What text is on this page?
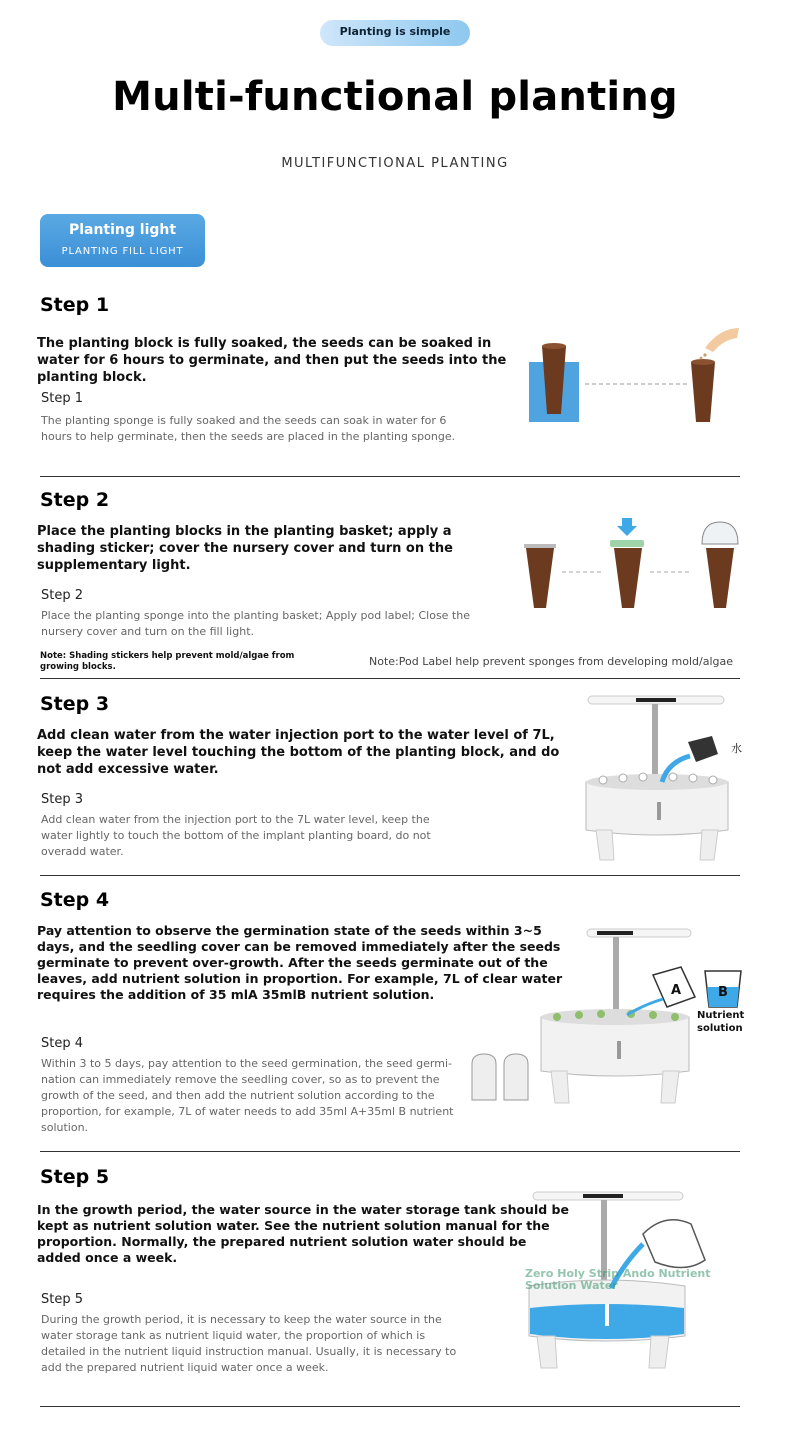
Planting is simple
Multi-functional planting
MULTIFUNCTIONAL PLANTING
Planting light
PLANTING FILL LIGHT
Step 1
The planting block is fully soaked, the seeds can be soaked in water for 6 hours to germinate, and then put the seeds into the planting block.
Step 1
The planting sponge is fully soaked and the seeds can soak in water for 6 hours to help germinate, then the seeds are placed in the planting sponge.
Step 2
Place the planting blocks in the planting basket; apply a shading sticker; cover the nursery cover and turn on the supplementary light.
Step 2
Place the planting sponge into the planting basket; Apply pod label; Close the nursery cover and turn on the fill light.
Note: Shading stickers help prevent mold/algae from growing blocks.	Note:Pod Label help prevent sponges from developing mold/algae
Step 3
Add clean water from the water injection port to the water level of 7L, keep the water level touching the bottom of the planting block, and do not add excessive water.
Step 3
Add clean water from the injection port to the 7L water level, keep the water lightly to touch the bottom of the implant planting board, do not overadd water.
水
Step 4
Pay attention to observe the germination state of the seeds within 3~5 days, and the seedling cover can be removed immediately after the seeds germinate to prevent over-growth. After the seeds germinate out of the leaves, add nutrient solution in proportion. For example, 7L of clear water requires the addition of 35 mlA 35mlB nutrient solution.
Step 4
Within 3 to 5 days, pay attention to the seed germination, the seed germi- nation can immediately remove the seedling cover, so as to prevent the growth of the seed, and then add the nutrient solution according to the proportion, for example, 7L of water needs to add 35ml A+35ml B nutrient solution.
A	B
Nutrient solution
Step 5
In the growth period, the water source in the water storage tank should be kept as nutrient solution water. See the nutrient solution manual for the proportion. Normally, the prepared nutrient solution water should be added once a week.
Step 5
During the growth period, it is necessary to keep the water source in the water storage tank as nutrient liquid water, the proportion of which is detailed in the nutrient liquid instruction manual. Usually, it is necessary to add the prepared nutrient liquid water once a week.
Zero Holy Strip Ando Nutrient Solution Water
